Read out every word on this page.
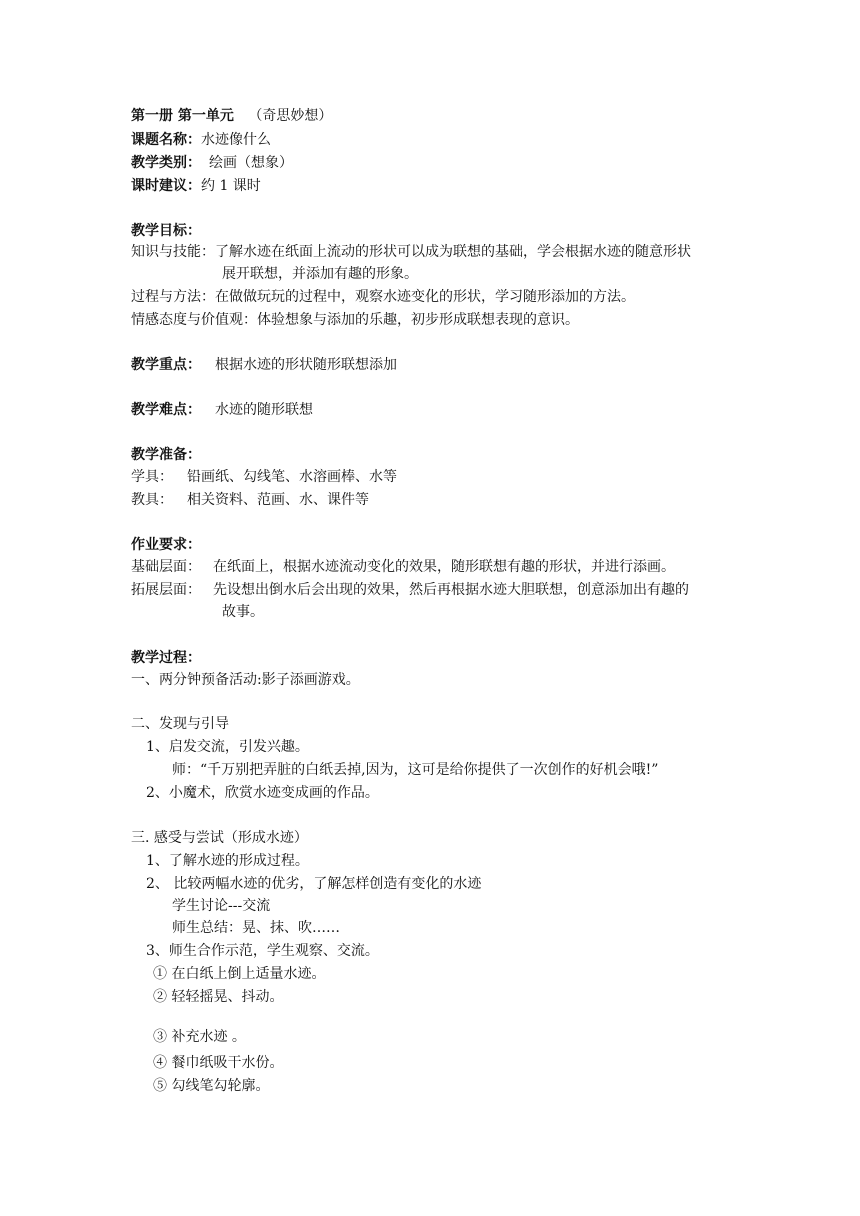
第一册 第一单元 （奇思妙想）
课题名称：水迹像什么
教学类别： 绘画（想象）
课时建议：约 1 课时
教学目标：
知识与技能：了解水迹在纸面上流动的形状可以成为联想的基础，学会根据水迹的随意形状
展开联想，并添加有趣的形象。
过程与方法：在做做玩玩的过程中，观察水迹变化的形状，学习随形添加的方法。
情感态度与价值观：体验想象与添加的乐趣，初步形成联想表现的意识。
教学重点： 根据水迹的形状随形联想添加
教学难点： 水迹的随形联想
教学准备：
学具： 铅画纸、勾线笔、水溶画棒、水等
教具： 相关资料、范画、水、课件等
作业要求：
基础层面： 在纸面上，根据水迹流动变化的效果，随形联想有趣的形状，并进行添画。
拓展层面： 先设想出倒水后会出现的效果，然后再根据水迹大胆联想，创意添加出有趣的
故事。
教学过程：
一、两分钟预备活动:影子添画游戏。
二、发现与引导
1、启发交流，引发兴趣。
师：“千万别把弄脏的白纸丢掉,因为，这可是给你提供了一次创作的好机会哦!”
2、小魔术，欣赏水迹变成画的作品。
三. 感受与尝试（形成水迹）
1、了解水迹的形成过程。
2、 比较两幅水迹的优劣，了解怎样创造有变化的水迹
学生讨论---交流
师生总结：晃、抹、吹……
3、师生合作示范，学生观察、交流。
① 在白纸上倒上适量水迹。
② 轻轻摇晃、抖动。
③ 补充水迹 。
④ 餐巾纸吸干水份。
⑤ 勾线笔勾轮廓。
